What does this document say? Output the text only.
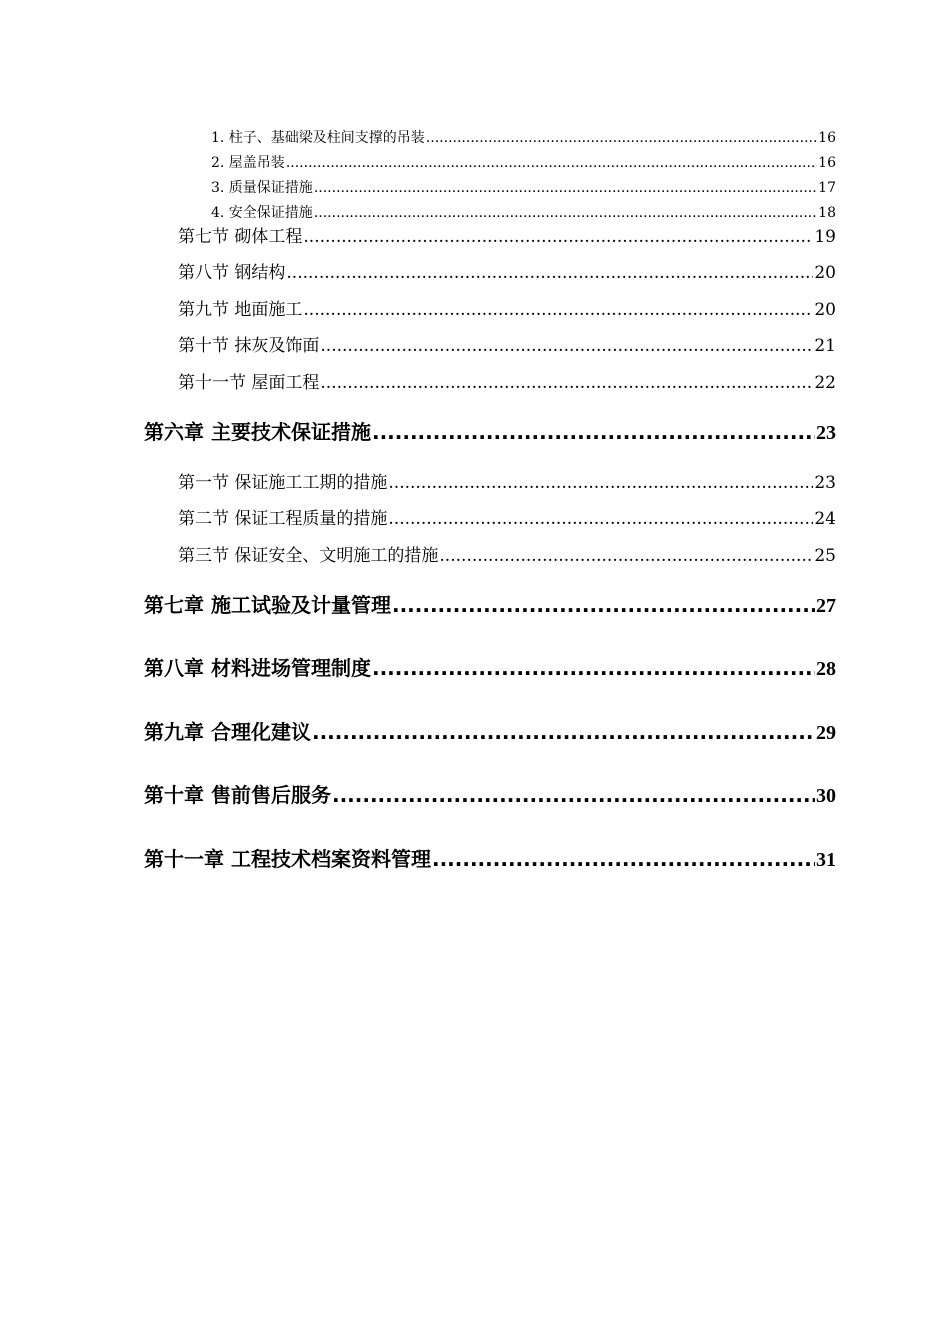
1. 柱子、基础梁及柱间支撑的吊装 .....	16
2. 屋盖吊装 .....	16
3. 质量保证措施 .....	17
4. 安全保证措施 .....	18
第七节 砌体工程 .....	19
第八节 钢结构 .....	20
第九节 地面施工 .....	20
第十节 抹灰及饰面 .....	21
第十一节 屋面工程 .....	22
第六章 主要技术保证措施 .....	23
第一节 保证施工工期的措施 .....	23
第二节 保证工程质量的措施 .....	24
第三节 保证安全、文明施工的措施 .....	25
第七章 施工试验及计量管理 .....	27
第八章 材料进场管理制度 .....	28
第九章 合理化建议 .....	29
第十章 售前售后服务 .....	30
第十一章 工程技术档案资料管理 .....	31
